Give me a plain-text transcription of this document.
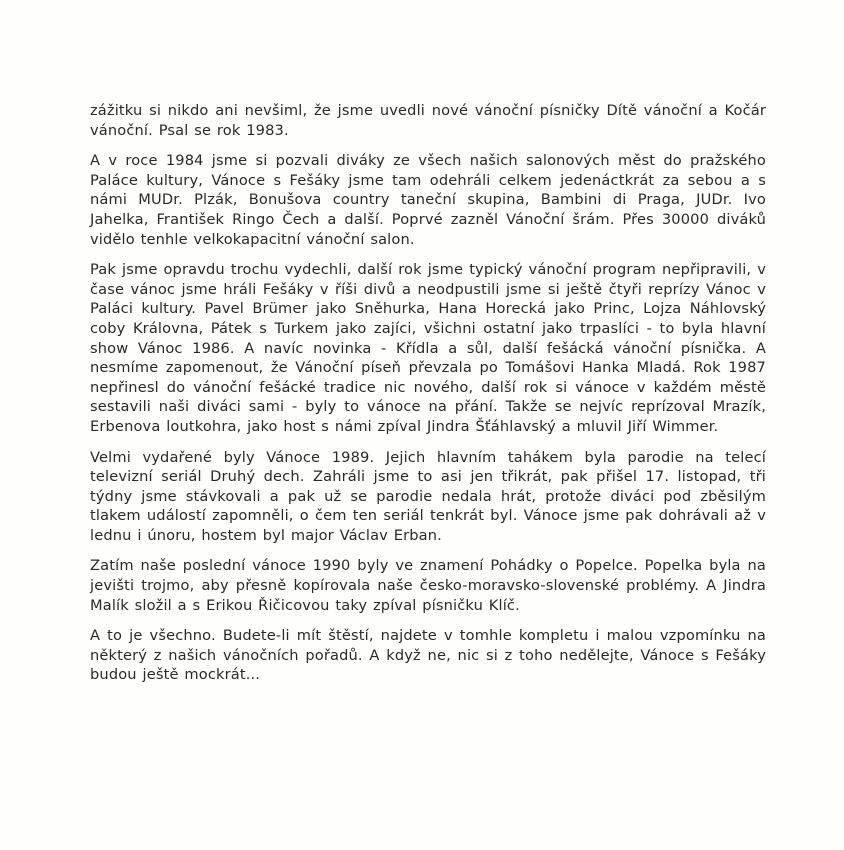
zážitku si nikdo ani nevšiml, že jsme uvedli nové vánoční písničky Dítě vánoční a Kočár vánoční. Psal se rok 1983.

A v roce 1984 jsme si pozvali diváky ze všech našich salonových měst do pražského Paláce kultury, Vánoce s Fešáky jsme tam odehráli celkem jedenáctkrát za sebou a s námi MUDr. Plzák, Bonušova country taneční skupina, Bambini di Praga, JUDr. Ivo Jahelka, František Ringo Čech a další. Poprvé zazněl Vánoční šrám. Přes 30000 diváků vidělo tenhle velkokapacitní vánoční salon.

Pak jsme opravdu trochu vydechli, další rok jsme typický vánoční program nepřipravili, v čase vánoc jsme hráli Fešáky v říši divů a neodpustili jsme si ještě čtyři reprízy Vánoc v Paláci kultury. Pavel Brümer jako Sněhurka, Hana Horecká jako Princ, Lojza Náhlovský coby Královna, Pátek s Turkem jako zajíci, všichni ostatní jako trpaslíci - to byla hlavní show Vánoc 1986. A navíc novinka - Křídla a sůl, další fešácká vánoční písnička. A nesmíme zapomenout, že Vánoční píseň převzala po Tomášovi Hanka Mladá. Rok 1987 nepřinesl do vánoční fešácké tradice nic nového, další rok si vánoce v každém městě sestavili naši diváci sami - byly to vánoce na přání. Takže se nejvíc reprízoval Mrazík, Erbenova loutkohra, jako host s námi zpíval Jindra Šťáhlavský a mluvil Jiří Wimmer.

Velmi vydařené byly Vánoce 1989. Jejich hlavním tahákem byla parodie na telecí televizní seriál Druhý dech. Zahráli jsme to asi jen třikrát, pak přišel 17. listopad, tři týdny jsme stávkovali a pak už se parodie nedala hrát, protože diváci pod zběsilým tlakem událostí zapomněli, o čem ten seriál tenkrát byl. Vánoce jsme pak dohrávali až v lednu i únoru, hostem byl major Václav Erban.

Zatím naše poslední vánoce 1990 byly ve znamení Pohádky o Popelce. Popelka byla na jevišti trojmo, aby přesně kopírovala naše česko-moravsko-slovenské problémy. A Jindra Malík složil a s Erikou Řičicovou taky zpíval písničku Klíč.

A to je všechno. Budete-li mít štěstí, najdete v tomhle kompletu i malou vzpomínku na některý z našich vánočních pořadů. A když ne, nic si z toho nedělejte, Vánoce s Fešáky budou ještě mockrát...
